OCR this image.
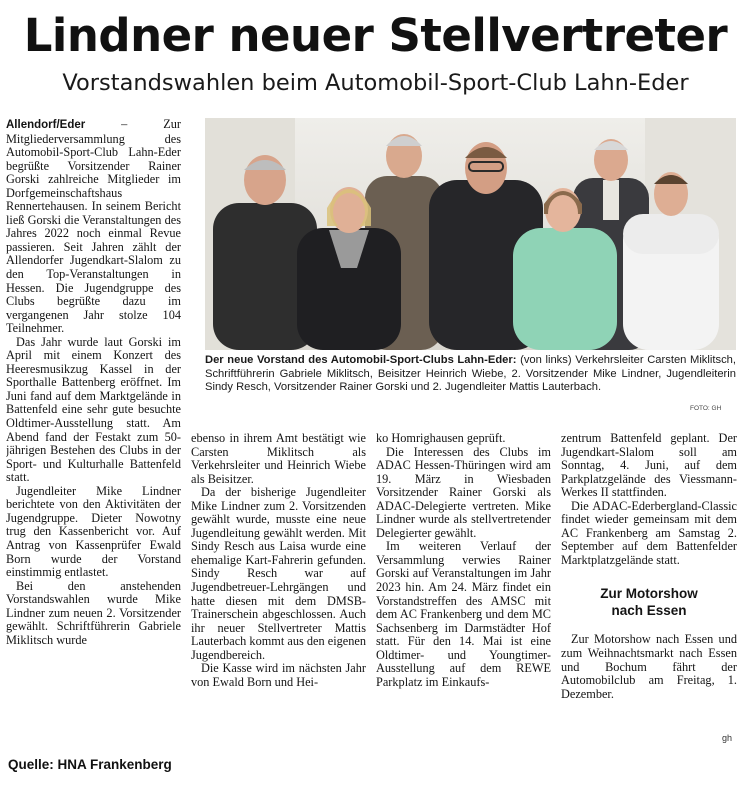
Lindner neuer Stellvertreter
Vorstandswahlen beim Automobil-Sport-Club Lahn-Eder

Allendorf/Eder	– Zur Mitgliederversammlung des Automobil-Sport-Club Lahn-Eder begrüßte Vorsitzender Rainer Gorski zahlreiche Mitglieder im Dorfgemeinschaftshaus Rennertehausen. In seinem Bericht ließ Gorski die Veranstaltungen des Jahres 2022 noch einmal Revue passieren. Seit Jahren zählt der Allendorfer Jugendkart-Slalom zu den Top-Veranstaltungen in Hessen. Die Jugendgruppe des Clubs begrüßte dazu im vergangenen Jahr stolze 104 Teilnehmer.

Das Jahr wurde laut Gorski im April mit einem Konzert des Heeresmusikzug Kassel in der Sporthalle Battenberg eröffnet. Im Juni fand auf dem Marktgelände in Battenfeld eine sehr gute besuchte Oldtimer-Ausstellung statt. Am Abend fand der Festakt zum 50-jährigen Bestehen des Clubs in der Sport- und Kulturhalle Battenfeld statt.

Jugendleiter Mike Lindner berichtete von den Aktivitäten der Jugendgruppe. Dieter Nowotny trug den Kassenbericht vor. Auf Antrag von Kassenprüfer Ewald Born wurde der Vorstand einstimmig entlastet.

Bei den anstehenden Vorstandswahlen wurde Mike Lindner zum neuen 2. Vorsitzender gewählt. Schriftführerin Gabriele Miklitsch wurde

Der neue Vorstand des Automobil-Sport-Clubs Lahn-Eder: (von links) Verkehrsleiter Carsten Miklitsch, Schriftführerin Gabriele Miklitsch, Beisitzer Heinrich Wiebe, 2. Vorsitzender Mike Lindner, Jugendleiterin Sindy Resch, Vorsitzender Rainer Gorski und 2. Jugendleiter Mattis Lauterbach.
FOTO: GH

ebenso in ihrem Amt bestätigt wie Carsten Miklitsch als Verkehrsleiter und Heinrich Wiebe als Beisitzer.

Da der bisherige Jugendleiter Mike Lindner zum 2. Vorsitzenden gewählt wurde, musste eine neue Jugendleitung gewählt werden. Mit Sindy Resch aus Laisa wurde eine ehemalige Kart-Fahrerin gefunden. Sindy Resch war auf Jugendbetreuer-Lehrgängen und hatte diesen mit dem DMSB-Trainerschein abgeschlossen. Auch ihr neuer Stellvertreter Mattis Lauterbach kommt aus den eigenen Jugendbereich.

Die Kasse wird im nächsten Jahr von Ewald Born und Hei-

ko Homrighausen geprüft.

Die Interessen des Clubs im ADAC Hessen-Thüringen wird am 19. März in Wiesbaden Vorsitzender Rainer Gorski als ADAC-Delegierte vertreten. Mike Lindner wurde als stellvertretender Delegierter gewählt.

Im weiteren Verlauf der Versammlung verwies Rainer Gorski auf Veranstaltungen im Jahr 2023 hin. Am 24. März findet ein Vorstandstreffen des AMSC mit dem AC Frankenberg und dem MC Sachsenberg im Darmstädter Hof statt. Für den 14. Mai ist eine Oldtimer- und Youngtimer-Ausstellung auf dem REWE Parkplatz im Einkaufs-

zentrum Battenfeld geplant. Der Jugendkart-Slalom soll am Sonntag, 4. Juni, auf dem Parkplatzgelände des Viessmann-Werkes II stattfinden.

Die ADAC-Ederbergland-Classic findet wieder gemeinsam mit dem AC Frankenberg am Samstag 2. September auf dem Battenfelder Marktplatzgelände statt.

Zur Motorshow
nach Essen

Zur Motorshow nach Essen und zum Weihnachtsmarkt nach Essen und Bochum fährt der Automobilclub am Freitag, 1. Dezember.

gh
Quelle: HNA Frankenberg
